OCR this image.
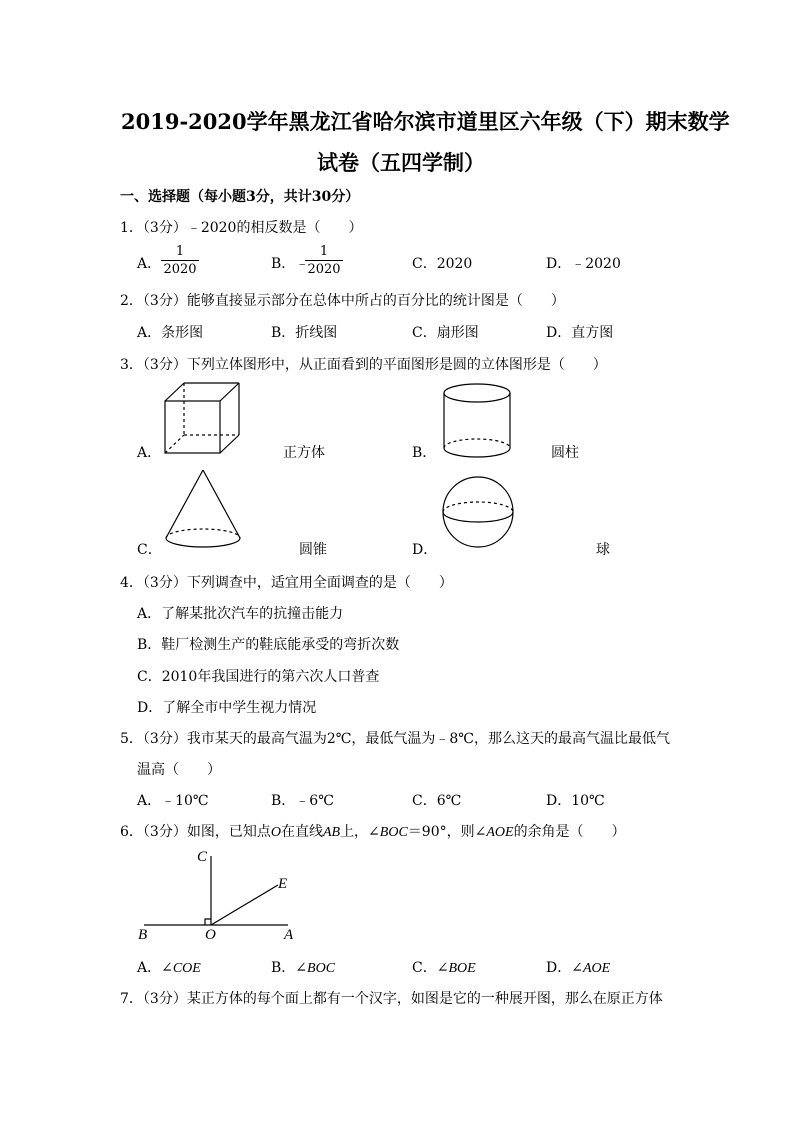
2019-2020学年黑龙江省哈尔滨市道里区六年级（下）期末数学
试卷（五四学制）
一、选择题（每小题3分，共计30分）
1．（3分）﹣2020的相反数是（　　）
A．
1
2020	B．﹣
1
2020	C．2020	D．﹣2020
2．（3分）能够直接显示部分在总体中所占的百分比的统计图是（　　）
A．条形图	B．折线图	C．扇形图	D．直方图
3．（3分）下列立体图形中，从正面看到的平面图形是圆的立体图形是（　　）
A．	正方体	B．	圆柱
C．	圆锥	D．	球
4．（3分）下列调查中，适宜用全面调查的是（　　）
A．了解某批次汽车的抗撞击能力
B．鞋厂检测生产的鞋底能承受的弯折次数
C．2010年我国进行的第六次人口普查
D．了解全市中学生视力情况
5．（3分）我市某天的最高气温为2℃，最低气温为﹣8℃，那么这天的最高气温比最低气
温高（　　）
A．﹣10℃	B．﹣6℃	C．6℃	D．10℃
6．（3分）如图，已知点O在直线AB上，∠BOC＝90°，则∠AOE的余角是（　　）
C
E
B	O	A
A．∠COE	B．∠BOC	C．∠BOE	D．∠AOE
7．（3分）某正方体的每个面上都有一个汉字，如图是它的一种展开图，那么在原正方体
